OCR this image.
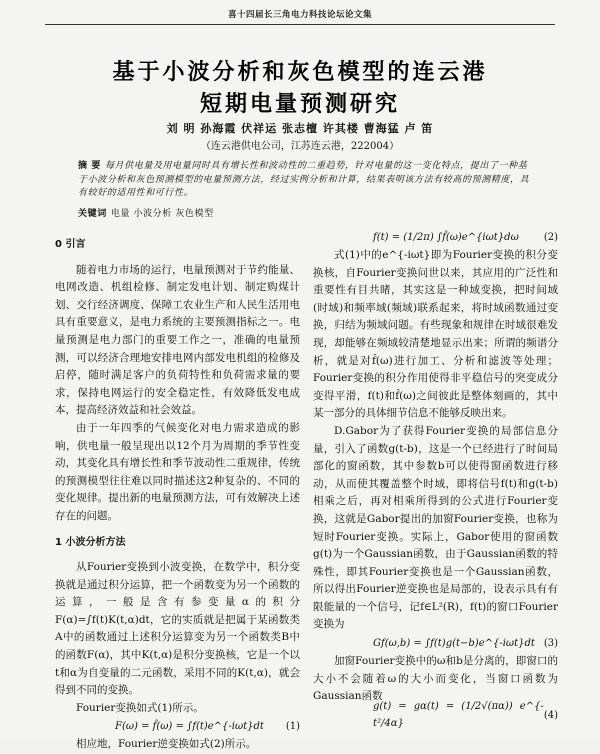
喜十四届长三角电力科技论坛论文集
基于小波分析和灰色模型的连云港
短期电量预测研究
刘 明 孙海霞 伏祥运 张志檀 许其楼 曹海猛 卢 笛
（连云港供电公司，江苏连云港，222004）
摘 要 每月供电量及用电量同时具有增长性和波动性的二重趋势，针对电量的这一变化特点，提出了一种基于小波分析和灰色预测模型的电量预测方法，经过实例分析和计算，结果表明该方法有较高的预测精度，具有较好的适用性和可行性。
关键词 电量 小波分析 灰色模型
0 引言

随着电力市场的运行，电量预测对于节约能量、电网改造、机组检修、制定发电计划、制定购煤计划、交行经济调度、保障工农业生产和人民生活用电具有重要意义，是电力系统的主要预测指标之一。电量预测是电力部门的重要工作之一，准确的电量预测，可以经济合理地安排电网内部发电机组的检修及启停，随时满足客户的负荷特性和负荷需求量的要求，保持电网运行的安全稳定性，有效降低发电成本，提高经济效益和社会效益。

由于一年四季的气候变化对电力需求造成的影响，供电量一般呈现出以12个月为周期的季节性变动，其变化具有增长性和季节波动性二重规律，传统的预测模型往往难以同时描述这2种复杂的、不同的变化规律。提出新的电量预测方法，可有效解决上述存在的问题。

1 小波分析方法

从Fourier变换到小波变换，在数学中，积分变换就是通过积分运算，把一个函数变为另一个函数的运算，一般是含有参变量α的积分F(α)=∫f(t)K(t,α)dt，它的实质就是把属于某函数类A中的函数通过上述积分运算变为另一个函数类B中的函数F(α)，其中K(t,α)是积分变换核，它是一个以t和α为自变量的二元函数，采用不同的K(t,α)，就会得到不同的变换。

Fourier变换如式(1)所示。

F(ω) = f̂(ω) = ∫f(t)e^{-iωt}dt (1)

相应地，Fourier逆变换如式(2)所示。

f(t) = (1/2π) ∫f̂(ω)e^{iωt}dω	(2)

式(1)中的e^{-iωt}即为Fourier变换的积分变换核，自Fourier变换问世以来，其应用的广泛性和重要性有目共睹，其实这是一种域变换，把时间域(时域)和频率域(频域)联系起来，将时域函数通过变换，归结为频域问题。有些现象和规律在时域很难发现，却能够在频域较清楚地显示出来；所谓的频谱分析，就是对f̂(ω)进行加工、分析和滤波等处理；Fourier变换的积分作用使得非平稳信号的突变成分变得平滑，f(t)和f̂(ω)之间彼此是整体刻画的，其中某一部分的具体细节信息不能够反映出来。

D.Gabor为了获得Fourier变换的局部信息分量，引入了函数g(t-b)，这是一个已经进行了时间局部化的窗函数，其中参数b可以使得窗函数进行移动，从而使其覆盖整个时域，即将信号f(t)和g(t-b)相乘之后，再对相乘所得到的公式进行Fourier变换，这就是Gabor提出的加窗Fourier变换，也称为短时Fourier变换。实际上，Gabor使用的窗函数g(t)为一个Gaussian函数，由于Gaussian函数的特殊性，即其Fourier变换也是一个Gaussian函数，所以得出Fourier逆变换也是局部的，设表示具有有限能量的一个信号，记f∈L²(R)，f(t)的窗口Fourier变换为

Gf(ω,b) = ∫f(t)g(t−b)e^{-iωt}dt (3)

加窗Fourier变换中的ω和b是分离的，即窗口的大小不会随着ω的大小而变化，当窗口函数为Gaussian函数

g(t) = gα(t) = (1/2√(πα)) e^{-t²/4α}
(4)
